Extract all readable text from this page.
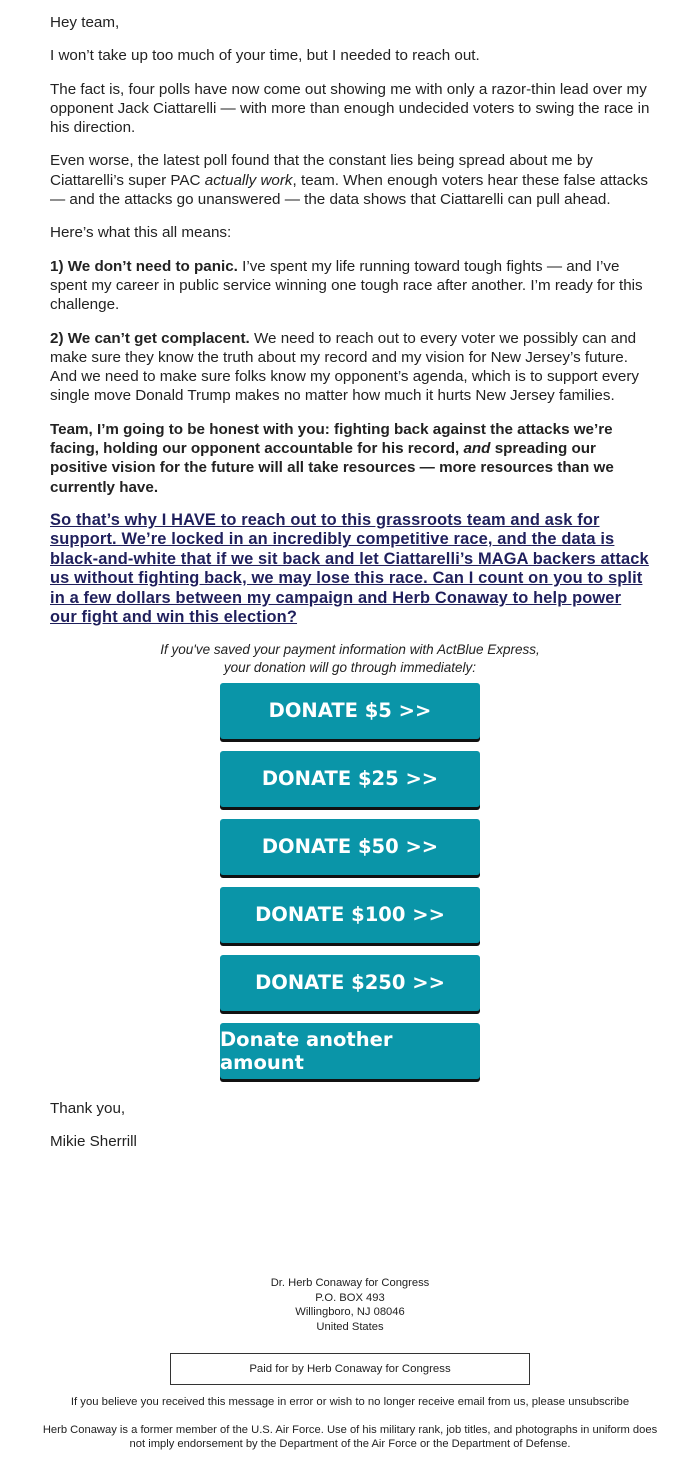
Hey team,

I won’t take up too much of your time, but I needed to reach out.

The fact is, four polls have now come out showing me with only a razor-thin lead over my opponent Jack Ciattarelli — with more than enough undecided voters to swing the race in his direction.

Even worse, the latest poll found that the constant lies being spread about me by Ciattarelli’s super PAC actually work, team. When enough voters hear these false attacks — and the attacks go unanswered — the data shows that Ciattarelli can pull ahead.

Here’s what this all means:

1) We don’t need to panic. I’ve spent my life running toward tough fights — and I’ve spent my career in public service winning one tough race after another. I’m ready for this challenge.

2) We can’t get complacent. We need to reach out to every voter we possibly can and make sure they know the truth about my record and my vision for New Jersey’s future. And we need to make sure folks know my opponent’s agenda, which is to support every single move Donald Trump makes no matter how much it hurts New Jersey families.

Team, I’m going to be honest with you: fighting back against the attacks we’re facing, holding our opponent accountable for his record, and spreading our positive vision for the future will all take resources — more resources than we currently have.

So that’s why I HAVE to reach out to this grassroots team and ask for support. We’re locked in an incredibly competitive race, and the data is black-and-white that if we sit back and let Ciattarelli’s MAGA backers attack us without fighting back, we may lose this race. Can I count on you to split in a few dollars between my campaign and Herb Conaway to help power our fight and win this election?

If you've saved your payment information with ActBlue Express,
your donation will go through immediately:
DONATE $5 >>
DONATE $25 >>
DONATE $50 >>
DONATE $100 >>
DONATE $250 >>
Donate another amount

Thank you,

Mikie Sherrill

Dr. Herb Conaway for Congress
P.O. BOX 493
Willingboro, NJ 08046
United States
Paid for by Herb Conaway for Congress
If you believe you received this message in error or wish to no longer receive email from us, please unsubscribe
Herb Conaway is a former member of the U.S. Air Force. Use of his military rank, job titles, and photographs in uniform does not imply endorsement by the Department of the Air Force or the Department of Defense.
